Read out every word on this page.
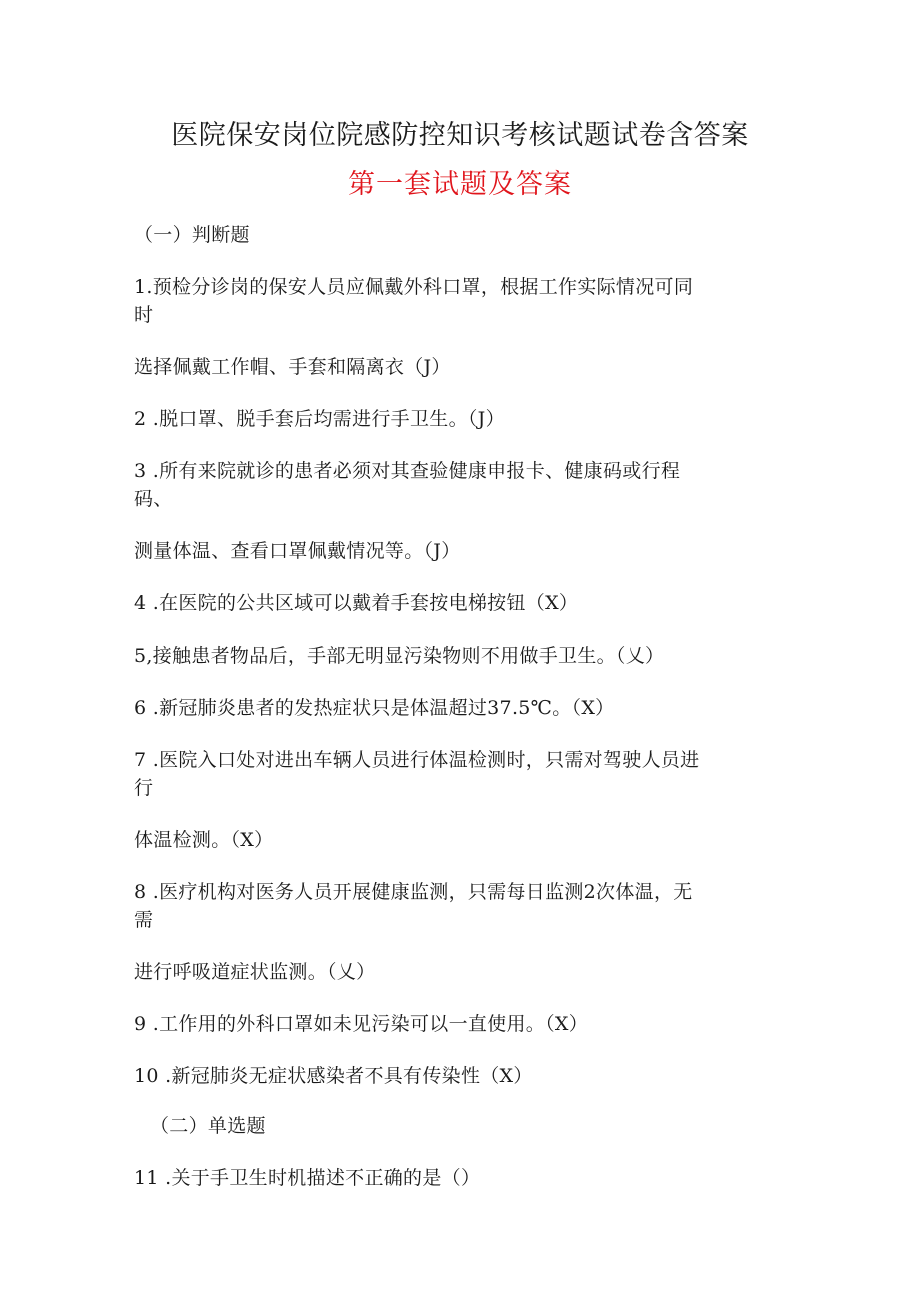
医院保安岗位院感防控知识考核试题试卷含答案
第一套试题及答案
（一）判断题
1.预检分诊岗的保安人员应佩戴外科口罩，根据工作实际情况可同
时
选择佩戴工作帽、手套和隔离衣（J）
2 .脱口罩、脱手套后均需进行手卫生。（J）
3 .所有来院就诊的患者必须对其查验健康申报卡、健康码或行程
码、
测量体温、查看口罩佩戴情况等。（J）
4 .在医院的公共区域可以戴着手套按电梯按钮（X）
5,接触患者物品后，手部无明显污染物则不用做手卫生。（乂）
6 .新冠肺炎患者的发热症状只是体温超过37.5℃。（X）
7 .医院入口处对进出车辆人员进行体温检测时，只需对驾驶人员进
行
体温检测。（X）
8 .医疗机构对医务人员开展健康监测，只需每日监测2次体温，无
需
进行呼吸道症状监测。（乂）
9 .工作用的外科口罩如未见污染可以一直使用。（X）
10 .新冠肺炎无症状感染者不具有传染性（X）
（二）单选题
11 .关于手卫生时机描述不正确的是（）
